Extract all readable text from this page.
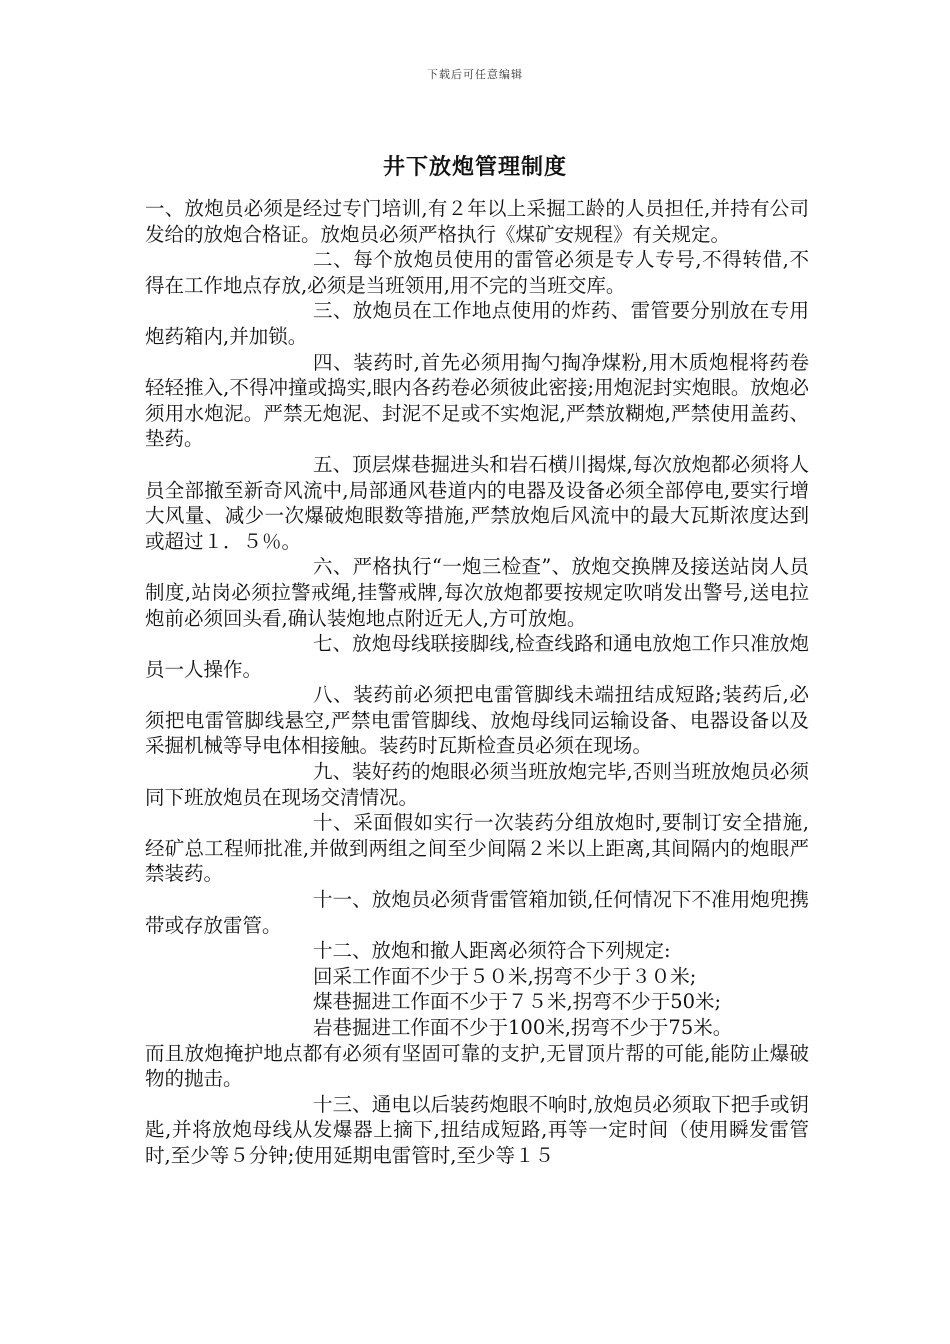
下载后可任意编辑
井下放炮管理制度

一、放炮员必须是经过专门培训,有２年以上采掘工龄的人员担任,并持有公司发给的放炮合格证。放炮员必须严格执行《煤矿安规程》有关规定。

二、每个放炮员使用的雷管必须是专人专号,不得转借,不得在工作地点存放,必须是当班领用,用不完的当班交库。

三、放炮员在工作地点使用的炸药、雷管要分别放在专用炮药箱内,并加锁。

四、装药时,首先必须用掏勺掏净煤粉,用木质炮棍将药卷轻轻推入,不得冲撞或捣实,眼内各药卷必须彼此密接;用炮泥封实炮眼。放炮必须用水炮泥。严禁无炮泥、封泥不足或不实炮泥,严禁放糊炮,严禁使用盖药、垫药。

五、顶层煤巷掘进头和岩石横川揭煤,每次放炮都必须将人员全部撤至新奇风流中,局部通风巷道内的电器及设备必须全部停电,要实行增大风量、减少一次爆破炮眼数等措施,严禁放炮后风流中的最大瓦斯浓度达到或超过１．５％。

六、严格执行“一炮三检查”、放炮交换牌及接送站岗人员制度,站岗必须拉警戒绳,挂警戒牌,每次放炮都要按规定吹哨发出警号,送电拉炮前必须回头看,确认装炮地点附近无人,方可放炮。

七、放炮母线联接脚线,检查线路和通电放炮工作只准放炮员一人操作。

八、装药前必须把电雷管脚线未端扭结成短路;装药后,必须把电雷管脚线悬空,严禁电雷管脚线、放炮母线同运输设备、电器设备以及采掘机械等导电体相接触。装药时瓦斯检查员必须在现场。

九、装好药的炮眼必须当班放炮完毕,否则当班放炮员必须同下班放炮员在现场交清情况。

十、采面假如实行一次装药分组放炮时,要制订安全措施,经矿总工程师批准,并做到两组之间至少间隔２米以上距离,其间隔内的炮眼严禁装药。

十一、放炮员必须背雷管箱加锁,任何情况下不准用炮兜携带或存放雷管。

十二、放炮和撤人距离必须符合下列规定:

回采工作面不少于５０米,拐弯不少于３０米;

煤巷掘进工作面不少于７５米,拐弯不少于50米;

岩巷掘进工作面不少于100米,拐弯不少于75米。

而且放炮掩护地点都有必须有坚固可靠的支护,无冒顶片帮的可能,能防止爆破物的抛击。

十三、通电以后装药炮眼不响时,放炮员必须取下把手或钥匙,并将放炮母线从发爆器上摘下,扭结成短路,再等一定时间（使用瞬发雷管时,至少等５分钟;使用延期电雷管时,至少等１５
